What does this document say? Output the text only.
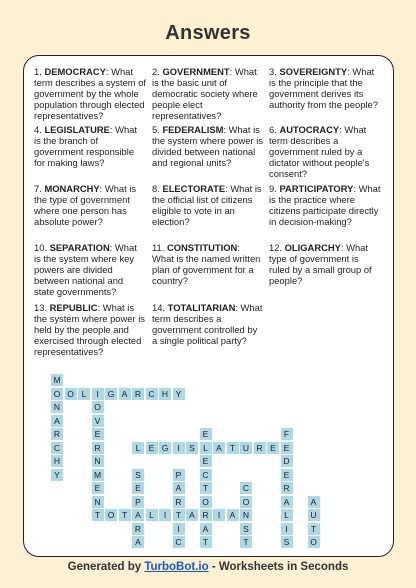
Answers
1. DEMOCRACY: What term describes a system of government by the whole population through elected representatives?
2. GOVERNMENT: What is the basic unit of democratic society where people elect representatives?
3. SOVEREIGNTY: What is the principle that the government derives its authority from the people?
4. LEGISLATURE: What is the branch of government responsible for making laws?
5. FEDERALISM: What is the system where power is divided between national and regional units?
6. AUTOCRACY: What term describes a government ruled by a dictator without people's consent?
7. MONARCHY: What is the type of government where one person has absolute power?
8. ELECTORATE: What is the official list of citizens eligible to vote in an election?
9. PARTICIPATORY: What is the practice where citizens participate directly in decision-making?
10. SEPARATION: What is the system where key powers are divided between national and state governments?
11. CONSTITUTION: What is the named written plan of government for a country?
12. OLIGARCHY: What type of government is ruled by a small group of people?
13. REPUBLIC: What is the system where power is held by the people and exercised through elected representatives?
14. TOTALITARIAN: What term describes a government controlled by a single political party?
M
O
N
A
R
C
H
Y
O L	I	G A R C H Y
O
V
E
R
N
M
E
N
T
L E G	I	S L A T U R E
E
E
C
T
O
R
A
T
F
E
D
E
R
A
L
I
S
S
E
P
A
R
A
P
A
R
T
I
C
C
O
N
S
T
O T	L	I	A	I	A
A
U
T
O
Generated by TurboBot.io - Worksheets in Seconds
